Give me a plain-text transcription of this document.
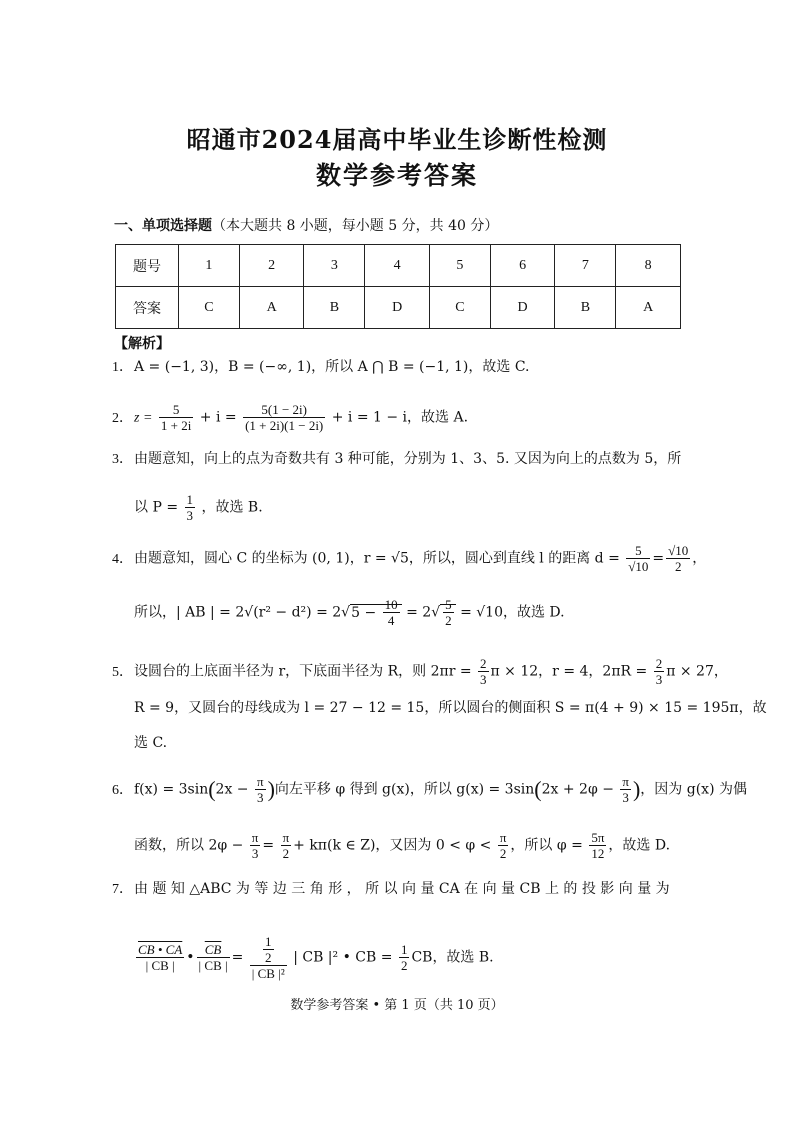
昭通市2024届高中毕业生诊断性检测
数学参考答案
一、单项选择题（本大题共 8 小题，每小题 5 分，共 40 分）
题号	1	2	3	4	5	6	7	8
答案	C	A	B	D	C	D	B	A
【解析】
1．A = (−1, 3)，B = (−∞, 1)，所以 A ⋂ B = (−1, 1)，故选 C.
2．$z = \frac{5}{1 + 2i} + i = \frac{5(1 - 2i)}{(1 + 2i)(1 - 2i)} + i = 1 - i$，故选 A.
3．由题意知，向上的点为奇数共有 3 种可能，分别为 1、3、5. 又因为向上的点数为 5，所
以 $P = \frac{1}{3}$ ，故选 B.
4．由题意知，圆心 C 的坐标为 (0, 1)，r = √5，所以，圆心到直线 l 的距离 $d = \frac{5}{√10} = \frac{√10}{2}$ ，
所以，| AB | = $2√(r^2 - d^2) = 2√5 - \frac{10}{4} = 2√ \frac{5}{2} = √10$，故选 D.
5．设圆台的上底面半径为 r，下底面半径为 R，则 $2\pi r = \frac{2}{3}$ π × 12，r = 4，$2\pi R = \frac{2}{3}$ π × 27，
R = 9，又圆台的母线成为 l = 27 − 12 = 15，所以圆台的侧面积 S = π(4 + 9) × 15 = 195π，故
选 C.
6．$f(x) = 3\sin(2x - \frac{\pi}{3}$ )向左平移 φ 得到 g(x)，所以 $g(x) = 3\sin(2x + 2\varphi - \frac{\pi}{3}$ )，因为 g(x) 为偶
函数，所以 $2\varphi - \frac{\pi}{3} = \frac{\pi}{2} + k\pi(k$ ∈ Z)，又因为 $0 < \varphi < \frac{\pi}{2}$ ，所以 $\varphi = \frac{5\pi}{12}$ ，故选 D.
7．由 题 知 △ABC 为 等 边 三 角 形 ， 所 以 向 量 CA 在 向 量 CB 上 的 投 影 向 量 为
$\frac{CB • CA}{| CB |}$ • $\frac{\overline{CB}}{| CB |} = \frac{\frac{1}{2}}{\text{| CB |²}}$ | CB |² • CB = $\frac{1}{2}$ CB，故选 B.
数学参考答案 • 第 1 页（共 10 页）
